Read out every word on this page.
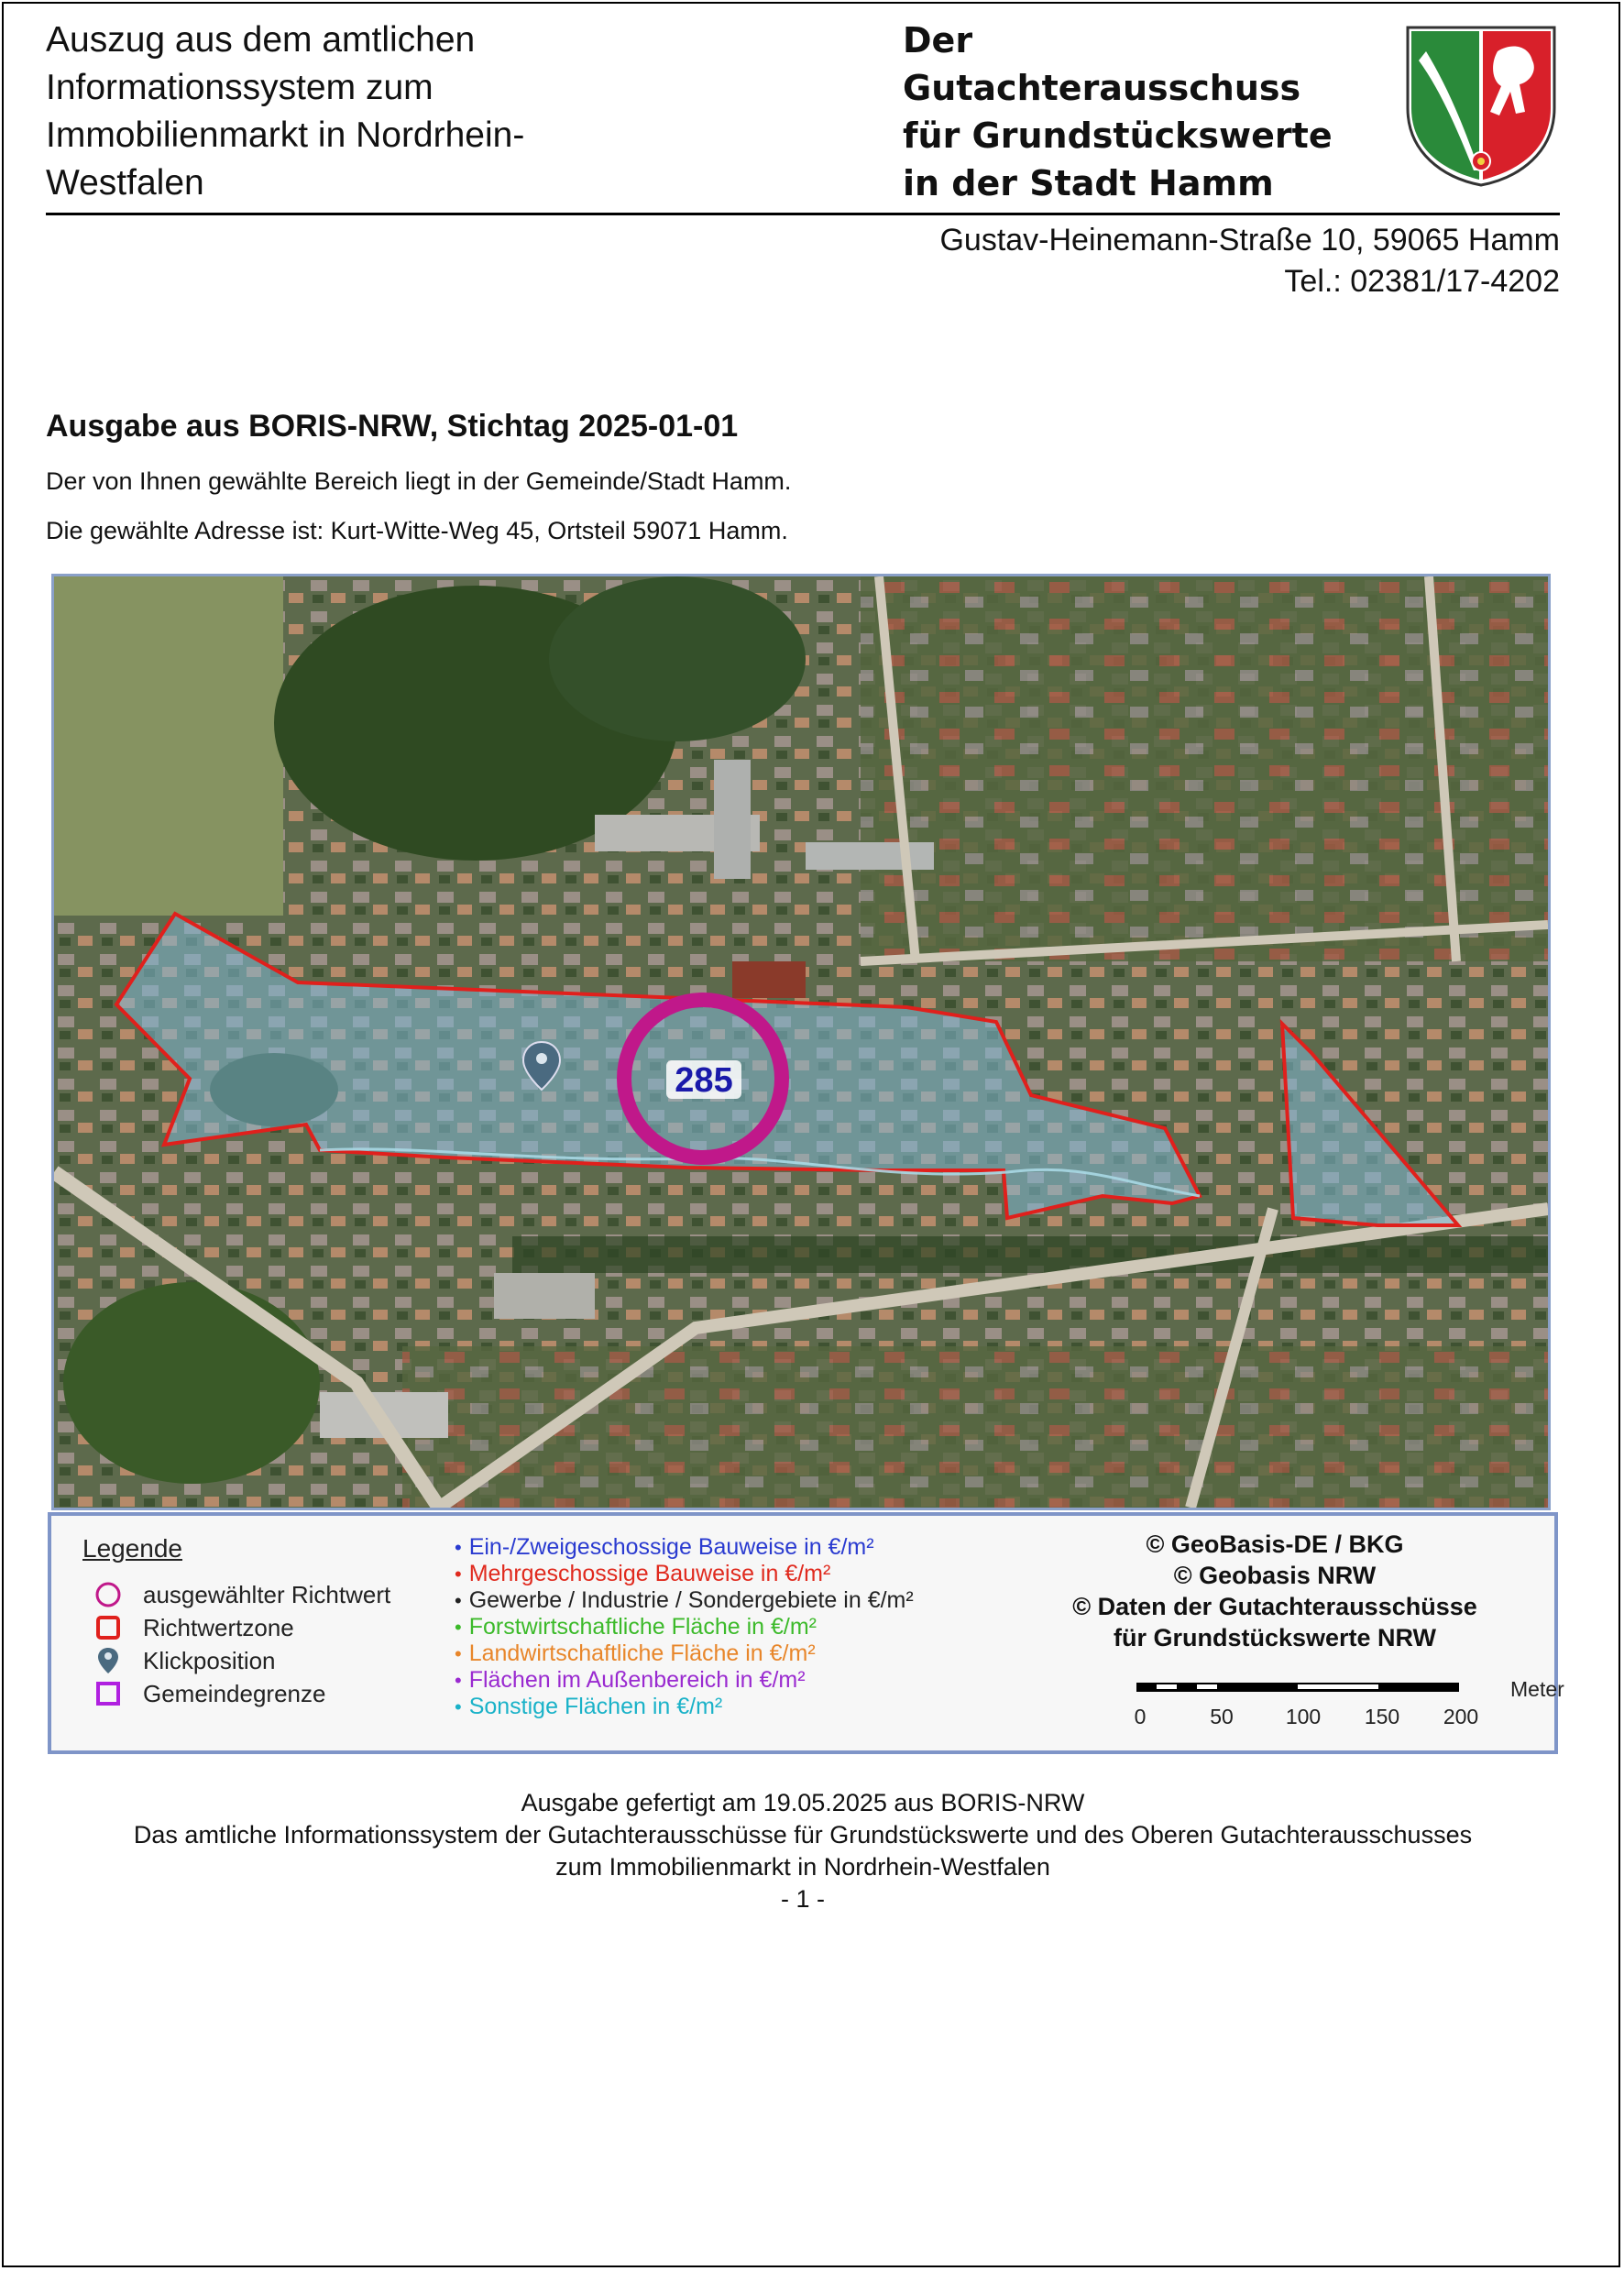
Auszug aus dem amtlichen
Informationssystem zum
Immobilienmarkt in Nordrhein-
Westfalen
Der Gutachterausschuss
für Grundstückswerte
in der Stadt Hamm
Gustav-Heinemann-Straße 10, 59065 Hamm
Tel.: 02381/17-4202
Ausgabe aus BORIS-NRW, Stichtag 2025-01-01
Der von Ihnen gewählte Bereich liegt in der Gemeinde/Stadt Hamm.
Die gewählte Adresse ist: Kurt-Witte-Weg 45, Ortsteil 59071 Hamm.
285
Legende
ausgewählter Richtwert
Richtwertzone
Klickposition
Gemeindegrenze
• Ein-/Zweigeschossige Bauweise in €/m²
• Mehrgeschossige Bauweise in €/m²
• Gewerbe / Industrie / Sondergebiete in €/m²
• Forstwirtschaftliche Fläche in €/m²
• Landwirtschaftliche Fläche in €/m²
• Flächen im Außenbereich in €/m²
• Sonstige Flächen in €/m²
© GeoBasis-DE / BKG
© Geobasis NRW
© Daten der Gutachterausschüsse
für Grundstückswerte NRW
Meter
0	50 100 150 200
Ausgabe gefertigt am 19.05.2025 aus BORIS-NRW
Das amtliche Informationssystem der Gutachterausschüsse für Grundstückswerte und des Oberen Gutachterausschusses
zum Immobilienmarkt in Nordrhein-Westfalen
- 1 -
